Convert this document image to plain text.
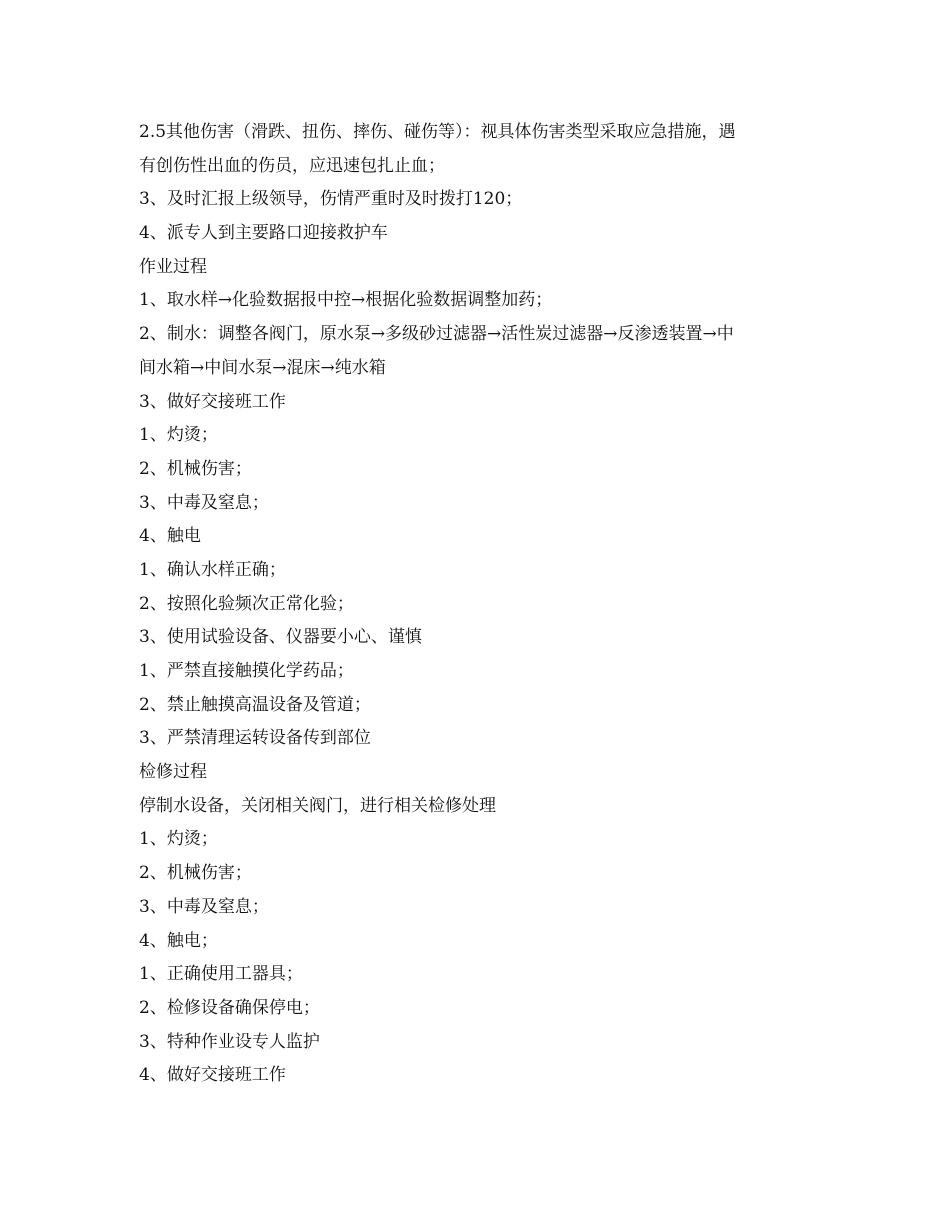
2.5其他伤害（滑跌、扭伤、摔伤、碰伤等）：视具体伤害类型采取应急措施，遇

有创伤性出血的伤员，应迅速包扎止血；

3、及时汇报上级领导，伤情严重时及时拨打120；

4、派专人到主要路口迎接救护车

作业过程

1、取水样→化验数据报中控→根据化验数据调整加药；

2、制水：调整各阀门，原水泵→多级砂过滤器→活性炭过滤器→反渗透装置→中

间水箱→中间水泵→混床→纯水箱

3、做好交接班工作

1、灼烫；

2、机械伤害；

3、中毒及窒息；

4、触电

1、确认水样正确；

2、按照化验频次正常化验；

3、使用试验设备、仪器要小心、谨慎

1、严禁直接触摸化学药品；

2、禁止触摸高温设备及管道；

3、严禁清理运转设备传到部位

检修过程

停制水设备，关闭相关阀门，进行相关检修处理

1、灼烫；

2、机械伤害；

3、中毒及窒息；

4、触电；

1、正确使用工器具；

2、检修设备确保停电；

3、特种作业设专人监护

4、做好交接班工作
